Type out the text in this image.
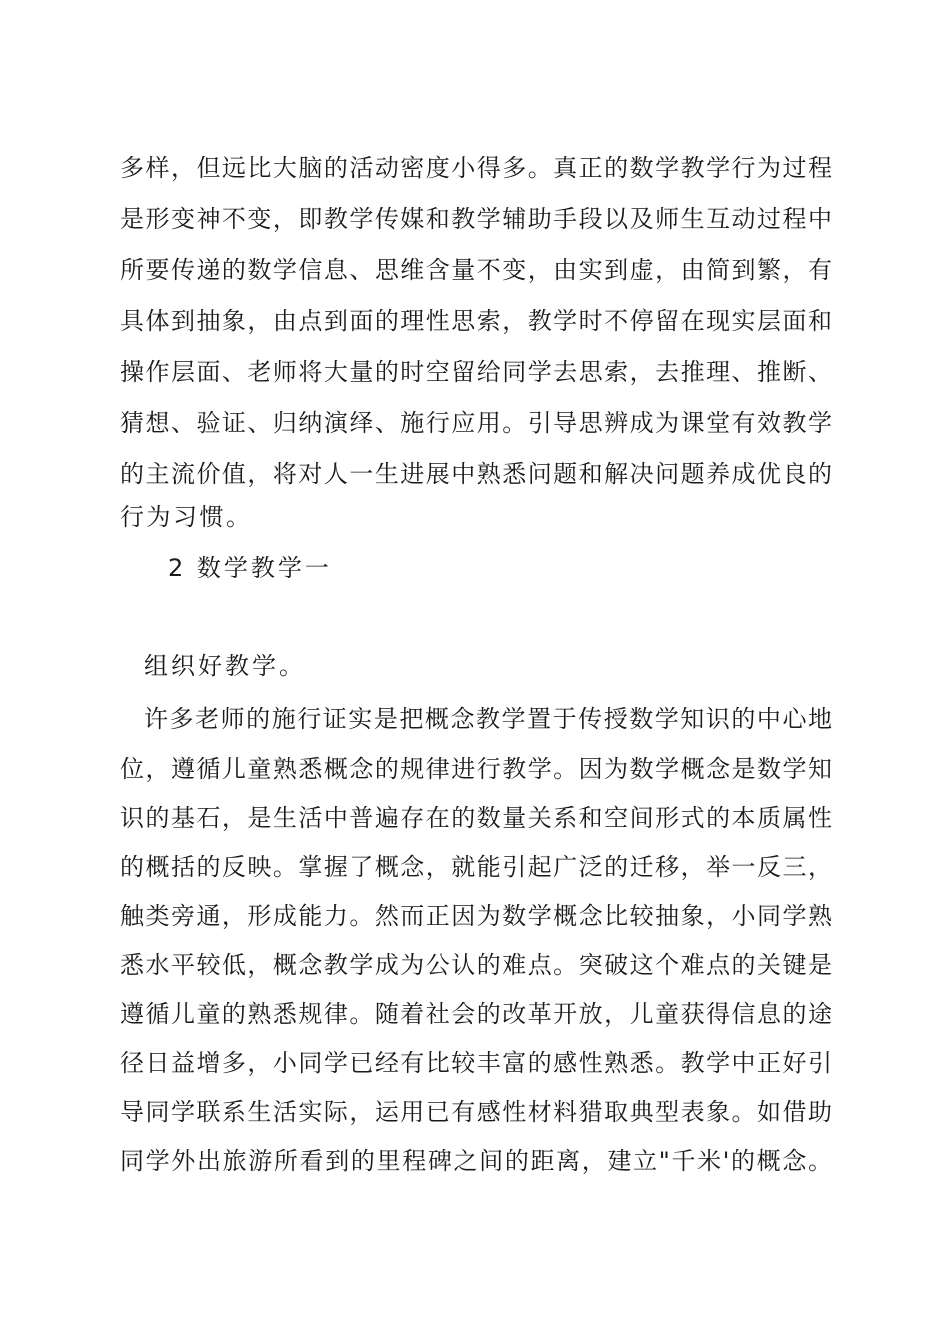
多样，但远比大脑的活动密度小得多。真正的数学教学行为过程
是形变神不变，即教学传媒和教学辅助手段以及师生互动过程中
所要传递的数学信息、思维含量不变，由实到虚，由简到繁，有
具体到抽象，由点到面的理性思索，教学时不停留在现实层面和
操作层面、老师将大量的时空留给同学去思索，去推理、推断、
猜想、验证、归纳演绎、施行应用。引导思辨成为课堂有效教学
的主流价值，将对人一生进展中熟悉问题和解决问题养成优良的
行为习惯。
2 数学教学一
组织好教学。
许多老师的施行证实是把概念教学置于传授数学知识的中心地
位，遵循儿童熟悉概念的规律进行教学。因为数学概念是数学知
识的基石，是生活中普遍存在的数量关系和空间形式的本质属性
的概括的反映。掌握了概念，就能引起广泛的迁移，举一反三，
触类旁通，形成能力。然而正因为数学概念比较抽象，小同学熟
悉水平较低，概念教学成为公认的难点。突破这个难点的关键是
遵循儿童的熟悉规律。随着社会的改革开放，儿童获得信息的途
径日益增多，小同学已经有比较丰富的感性熟悉。教学中正好引
导同学联系生活实际，运用已有感性材料猎取典型表象。如借助
同学外出旅游所看到的里程碑之间的距离，建立"千米'的概念。
